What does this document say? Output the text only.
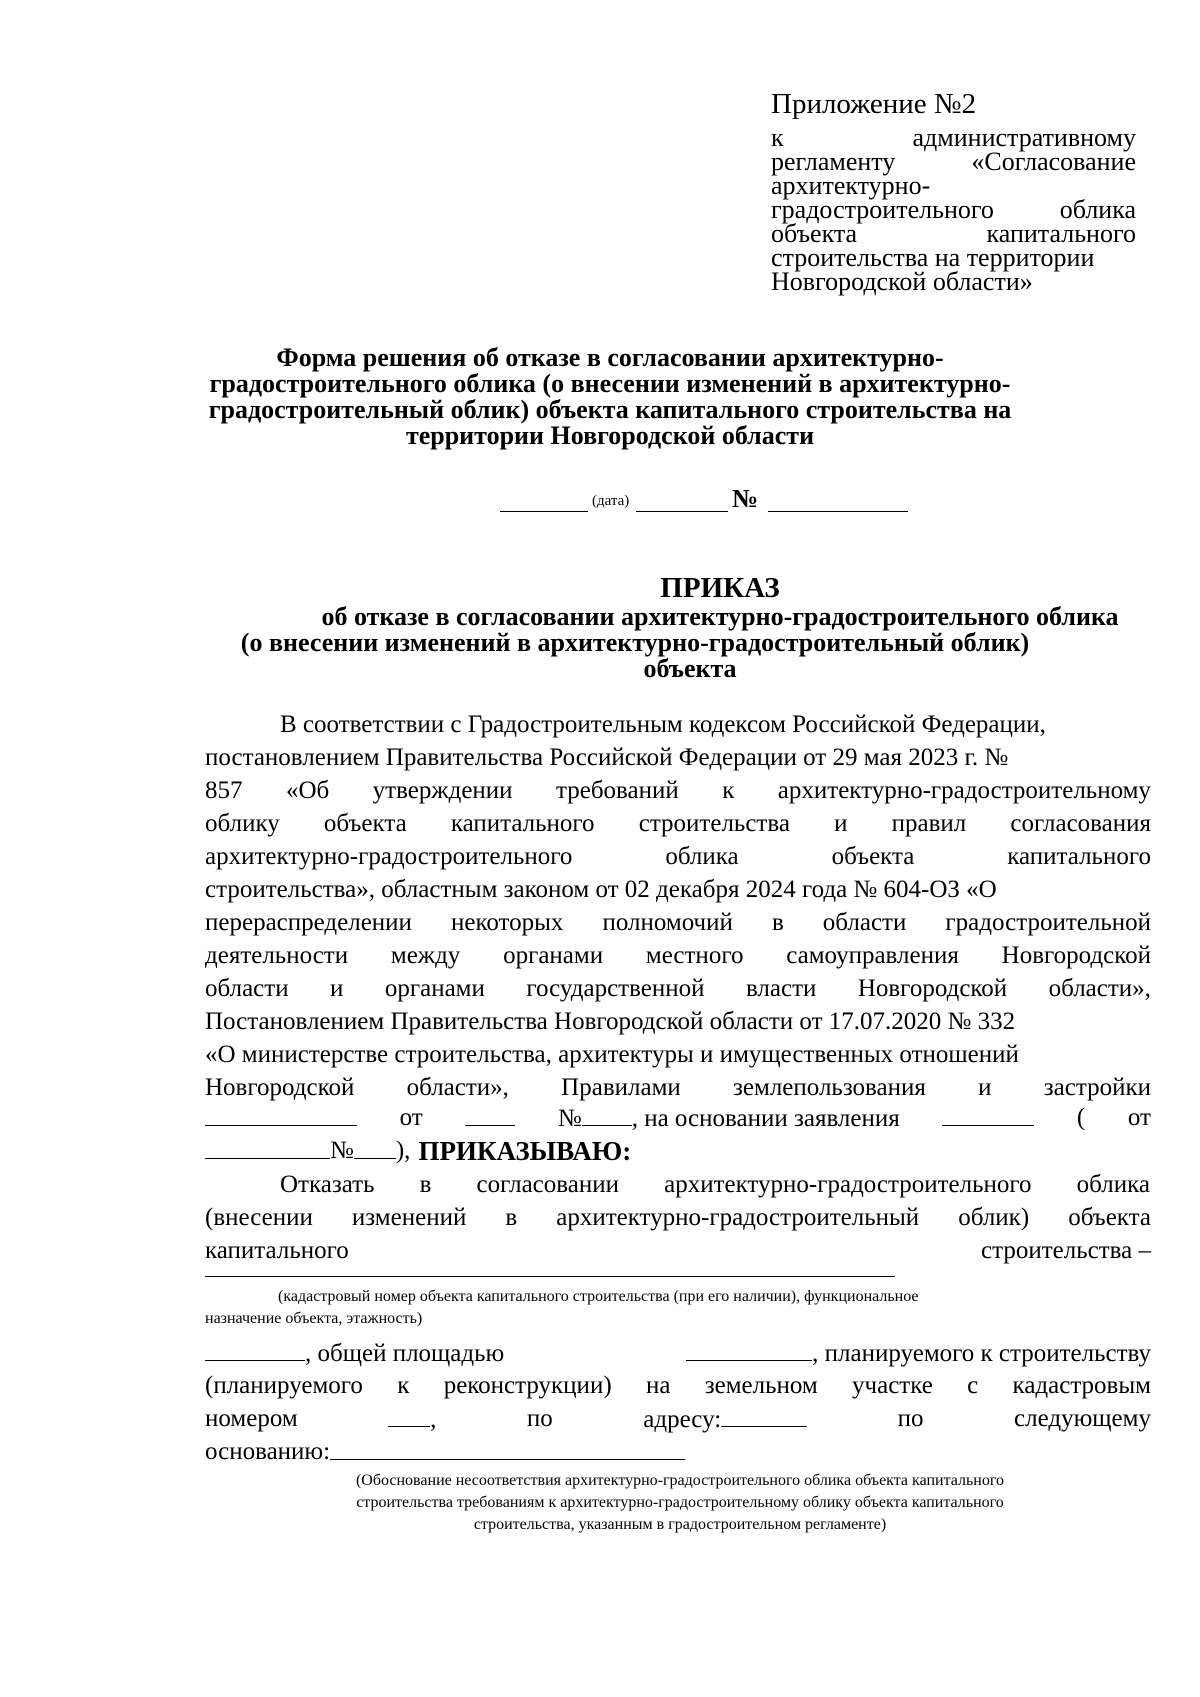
Приложение №2
к	административному
регламенту	«Согласование
архитектурно-
градостроительного	облика
объекта	капитального
строительства на территории
Новгородской области»
Форма решения об отказе в согласовании архитектурно-
градостроительного облика (о внесении изменений в архитектурно-
градостроительный облик) объекта капитального строительства на
территории Новгородской области
(дата)	№
ПРИКАЗ
об отказе в согласовании архитектурно-градостроительного облика
(о внесении изменений в архитектурно-градостроительный облик)
объекта
В соответствии с Градостроительным кодексом Российской Федерации,
постановлением Правительства Российской Федерации от 29 мая 2023 г. №
857 «Об утверждении требований к архитектурно-градостроительному
облику объекта капитального строительства и правил согласования
архитектурно-градостроительного	облика	объекта	капитального
строительства», областным законом от 02 декабря 2024 года № 604-ОЗ «О
перераспределении некоторых полномочий в области градостроительной
деятельности между органами местного самоуправления Новгородской
области и органами государственной власти Новгородской области»,
Постановлением Правительства Новгородской области от 17.07.2020 № 332
«О министерстве строительства, архитектуры и имущественных отношений
Новгородской области», Правилами землепользования и застройки
от	№ , на основании заявления	( от
№ ), ПРИКАЗЫВАЮ:
Отказать в согласовании архитектурно-градостроительного облика
(внесении изменений в архитектурно-градостроительный облик) объекта
капитального	строительства –
(кадастровый номер объекта капитального строительства (при его наличии), функциональное
назначение объекта, этажность)
, общей площадью	, планируемого к строительству
(планируемого к реконструкции) на земельном участке с кадастровым
номером	,	по	адресу:	по	следующему
основанию:
(Обоснование несоответствия архитектурно-градостроительного облика объекта капитального
строительства требованиям к архитектурно-градостроительному облику объекта капитального
строительства, указанным в градостроительном регламенте)
